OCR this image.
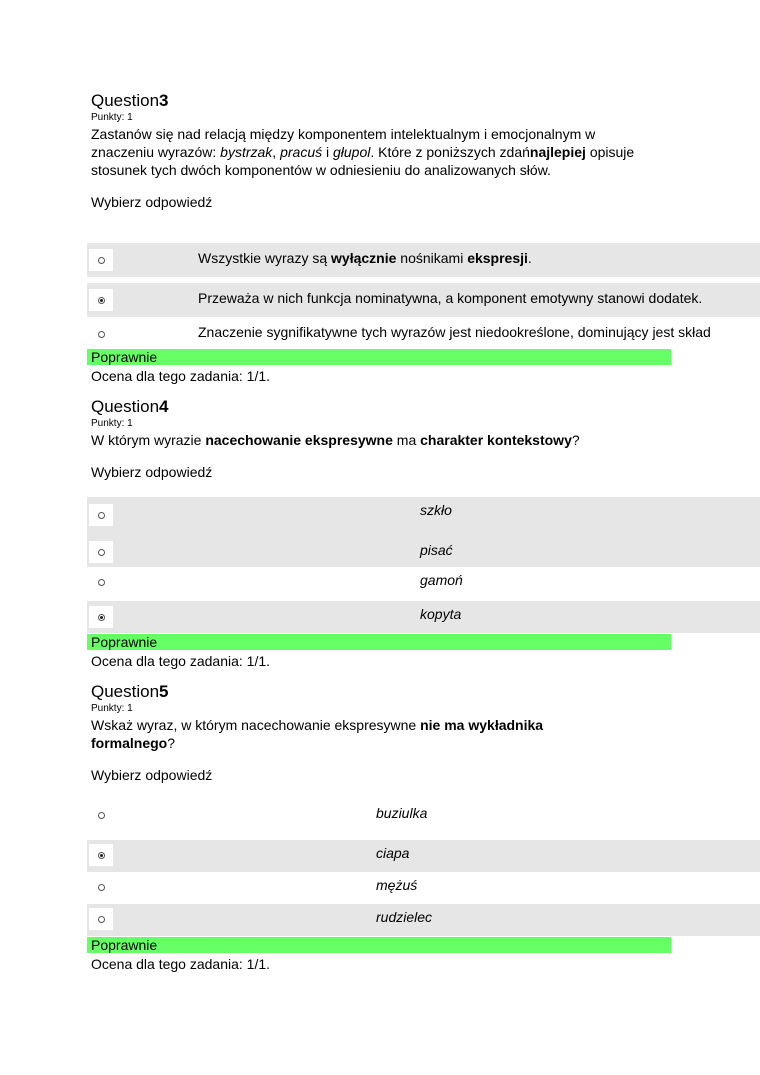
Question3
Punkty: 1
Zastanów się nad relacją między komponentem intelektualnym i emocjonalnym w znaczeniu wyrazów: bystrzak, pracuś i głupol. Które z poniższych zdańnajlepiej opisuje stosunek tych dwóch komponentów w odniesieniu do analizowanych słów.
Wybierz odpowiedź
Wszystkie wyrazy są wyłącznie nośnikami ekspresji.
Przeważa w nich funkcja nominatywna, a komponent emotywny stanowi dodatek.
Znaczenie sygnifikatywne tych wyrazów jest niedookreślone, dominujący jest skład
Poprawnie
Ocena dla tego zadania: 1/1.
Question4
Punkty: 1
W którym wyrazie nacechowanie ekspresywne ma charakter kontekstowy?
Wybierz odpowiedź
szkło
pisać
gamoń
kopyta
Poprawnie
Ocena dla tego zadania: 1/1.
Question5
Punkty: 1
Wskaż wyraz, w którym nacechowanie ekspresywne nie ma wykładnika formalnego?
Wybierz odpowiedź
buziulka
ciapa
mężuś
rudzielec
Poprawnie
Ocena dla tego zadania: 1/1.
